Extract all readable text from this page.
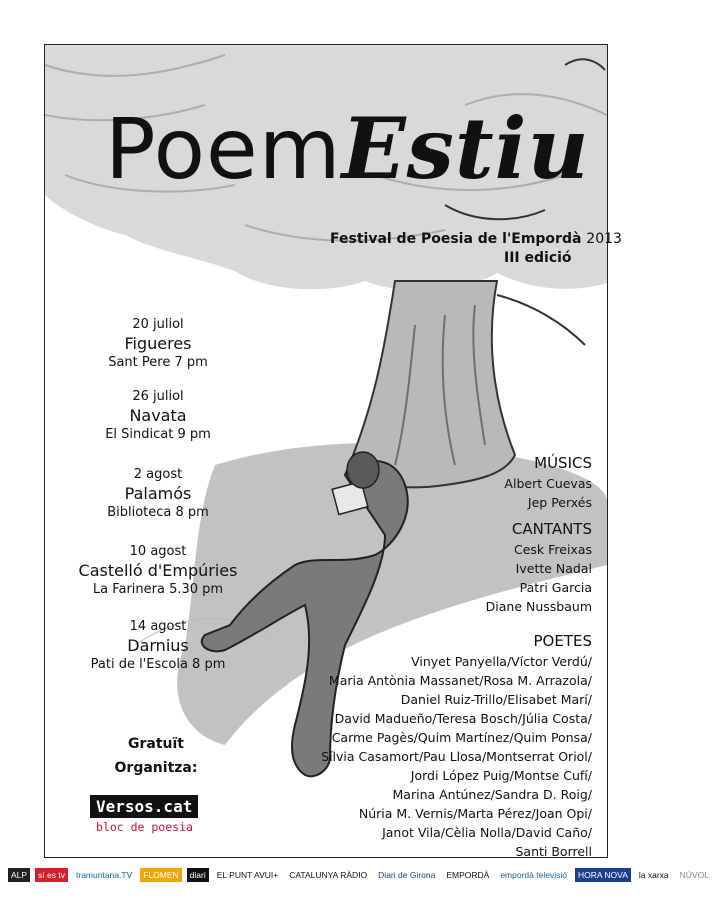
PoemEstiu
Festival de Poesia de l'Empordà 2013
III edició
20 juliol
Figueres
Sant Pere 7 pm
26 juliol
Navata
El Sindicat 9 pm
2 agost
Palamós
Biblioteca 8 pm
10 agost
Castelló d'Empúries
La Farinera 5.30 pm
14 agost
Darnius
Pati de l'Escola 8 pm
MÚSICS
Albert Cuevas
Jep Perxés
CANTANTS
Cesk Freixas
Ivette Nadal
Patri Garcia
Diane Nussbaum
POETES
Vinyet Panyella/Víctor Verdú/
Maria Antònia Massanet/Rosa M. Arrazola/
Daniel Ruiz-Trillo/Elisabet Marí/
David Madueño/Teresa Bosch/Júlia Costa/
Carme Pagès/Quim Martínez/Quim Ponsa/
Sílvia Casamort/Pau Llosa/Montserrat Oriol/
Jordi López Puig/Montse Cufí/
Marina Antúnez/Sandra D. Roig/
Núria M. Vernis/Marta Pérez/Joan Opi/
Janot Vila/Cèlia Nolla/David Caño/
Santi Borrell
Gratuït
Organitza:
Versos.cat
bloc de poesia
ALP	sí es tv	tramuntana.TV	FLOMEN	diari	EL PUNT AVUI+	CATALUNYA RÀDIO	Diari de Girona	EMPORDÀ	empordà televisió	HORA NOVA	la xarxa	NÚVOL
